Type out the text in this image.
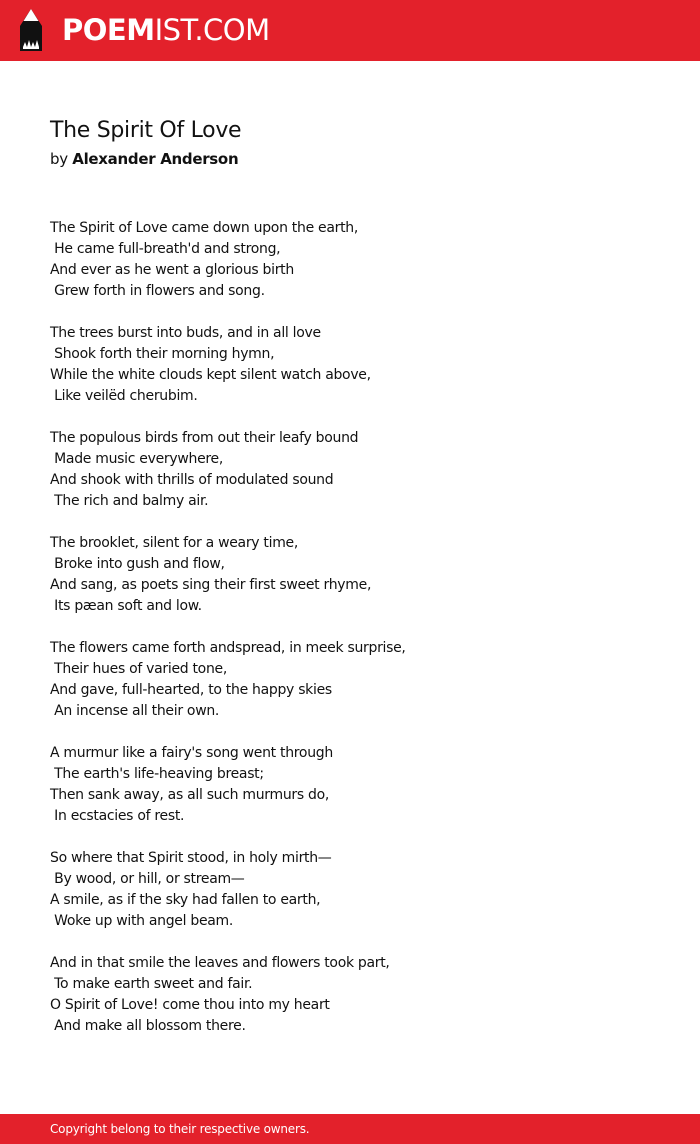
POEMIST.COM
The Spirit Of Love
by Alexander Anderson
The Spirit of Love came down upon the earth,
He came full-breath'd and strong,
And ever as he went a glorious birth
Grew forth in flowers and song.
The trees burst into buds, and in all love
Shook forth their morning hymn,
While the white clouds kept silent watch above,
Like veilëd cherubim.
The populous birds from out their leafy bound
Made music everywhere,
And shook with thrills of modulated sound
The rich and balmy air.
The brooklet, silent for a weary time,
Broke into gush and flow,
And sang, as poets sing their first sweet rhyme,
Its pæan soft and low.
The flowers came forth andspread, in meek surprise,
Their hues of varied tone,
And gave, full-hearted, to the happy skies
An incense all their own.
A murmur like a fairy's song went through
The earth's life-heaving breast;
Then sank away, as all such murmurs do,
In ecstacies of rest.
So where that Spirit stood, in holy mirth—
By wood, or hill, or stream—
A smile, as if the sky had fallen to earth,
Woke up with angel beam.
And in that smile the leaves and flowers took part,
To make earth sweet and fair.
O Spirit of Love! come thou into my heart
And make all blossom there.
Copyright belong to their respective owners.
